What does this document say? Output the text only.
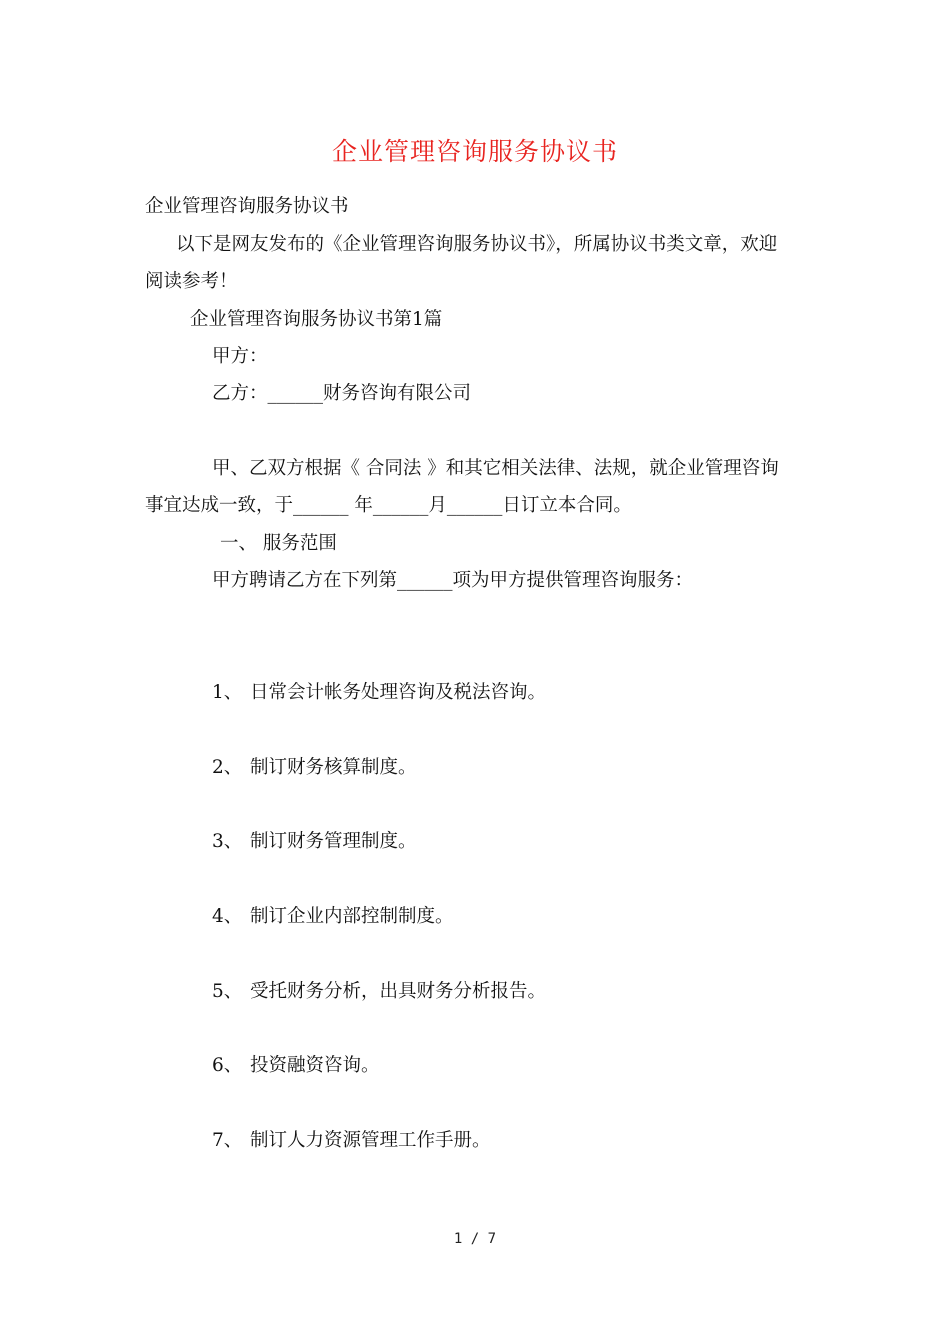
企业管理咨询服务协议书
企业管理咨询服务协议书
以下是网友发布的《企业管理咨询服务协议书》，所属协议书类文章，欢迎
阅读参考！
企业管理咨询服务协议书第1篇
甲方：
乙方：______财务咨询有限公司
甲、乙双方根据《 合同法 》和其它相关法律、法规，就企业管理咨询
事宜达成一致，于______ 年______月______日订立本合同。
一、 服务范围
甲方聘请乙方在下列第______项为甲方提供管理咨询服务：
1、 日常会计帐务处理咨询及税法咨询。
2、 制订财务核算制度。
3、 制订财务管理制度。
4、 制订企业内部控制制度。
5、 受托财务分析，出具财务分析报告。
6、 投资融资咨询。
7、 制订人力资源管理工作手册。
1 / 7
